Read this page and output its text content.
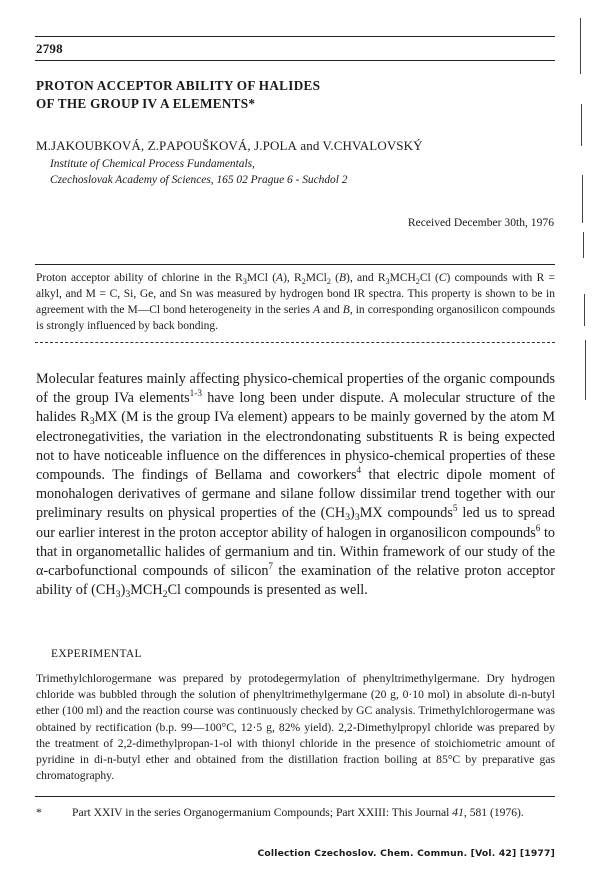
2798
PROTON ACCEPTOR ABILITY OF HALIDES
OF THE GROUP IV A ELEMENTS*
M.JAKOUBKOVÁ, Z.PAPOUŠKOVÁ, J.POLA and V.CHVALOVSKÝ
Institute of Chemical Process Fundamentals,
Czechoslovak Academy of Sciences, 165 02 Prague 6 - Suchdol 2
Received December 30th, 1976

Proton acceptor ability of chlorine in the $R_3MCl$ (A), $R_2MCl_2$ (B), and $R_3MCH_2Cl$ (C) compounds with R = alkyl, and M = C, Si, Ge, and Sn was measured by hydrogen bond IR spectra. This property is shown to be in agreement with the M—Cl bond heterogeneity in the series A and B, in corresponding organosilicon compounds is strongly influenced by back bonding.

Molecular features mainly affecting physico-chemical properties of the organic compounds of the group IVa elements$^{1-3}$ have long been under dispute. A molecular structure of the halides $R_3MX$ (M is the group IVa element) appears to be mainly governed by the atom M electronegativities, the variation in the electrondonating substituents R is being expected not to have noticeable influence on the differences in physico-chemical properties of these compounds. The findings of Bellama and coworkers$^4$ that electric dipole moment of monohalogen derivatives of germane and silane follow dissimilar trend together with our preliminary results on physical properties of the $(CH_3)_3MX$ compounds$^5$ led us to spread our earlier interest in the proton acceptor ability of halogen in organosilicon compounds$^6$ to that in organometallic halides of germanium and tin. Within framework of our study of the α-carbofunctional compounds of silicon$^7$ the examination of the relative proton acceptor ability of $(CH_3)_3MCH_2Cl$ compounds is presented as well.

EXPERIMENTAL

Trimethylchlorogermane was prepared by protodegermylation of phenyltrimethylgermane. Dry hydrogen chloride was bubbled through the solution of phenyltrimethylgermane (20 g, 0·10 mol) in absolute di-n-butyl ether (100 ml) and the reaction course was continuously checked by GC analysis. Trimethylchlorogermane was obtained by rectification (b.p. 99—100°C, 12·5 g, 82% yield). 2,2-Dimethylpropyl chloride was prepared by the treatment of 2,2-dimethylpropan-1-ol with thionyl chloride in the presence of stoichiometric amount of pyridine in di-n-butyl ether and obtained from the distillation fraction boiling at 85°C by preparative gas chromatography.

*	Part XXIV in the series Organogermanium Compounds; Part XXIII: This Journal 41, 581 (1976).

Collection Czechoslov. Chem. Commun. [Vol. 42] [1977]
